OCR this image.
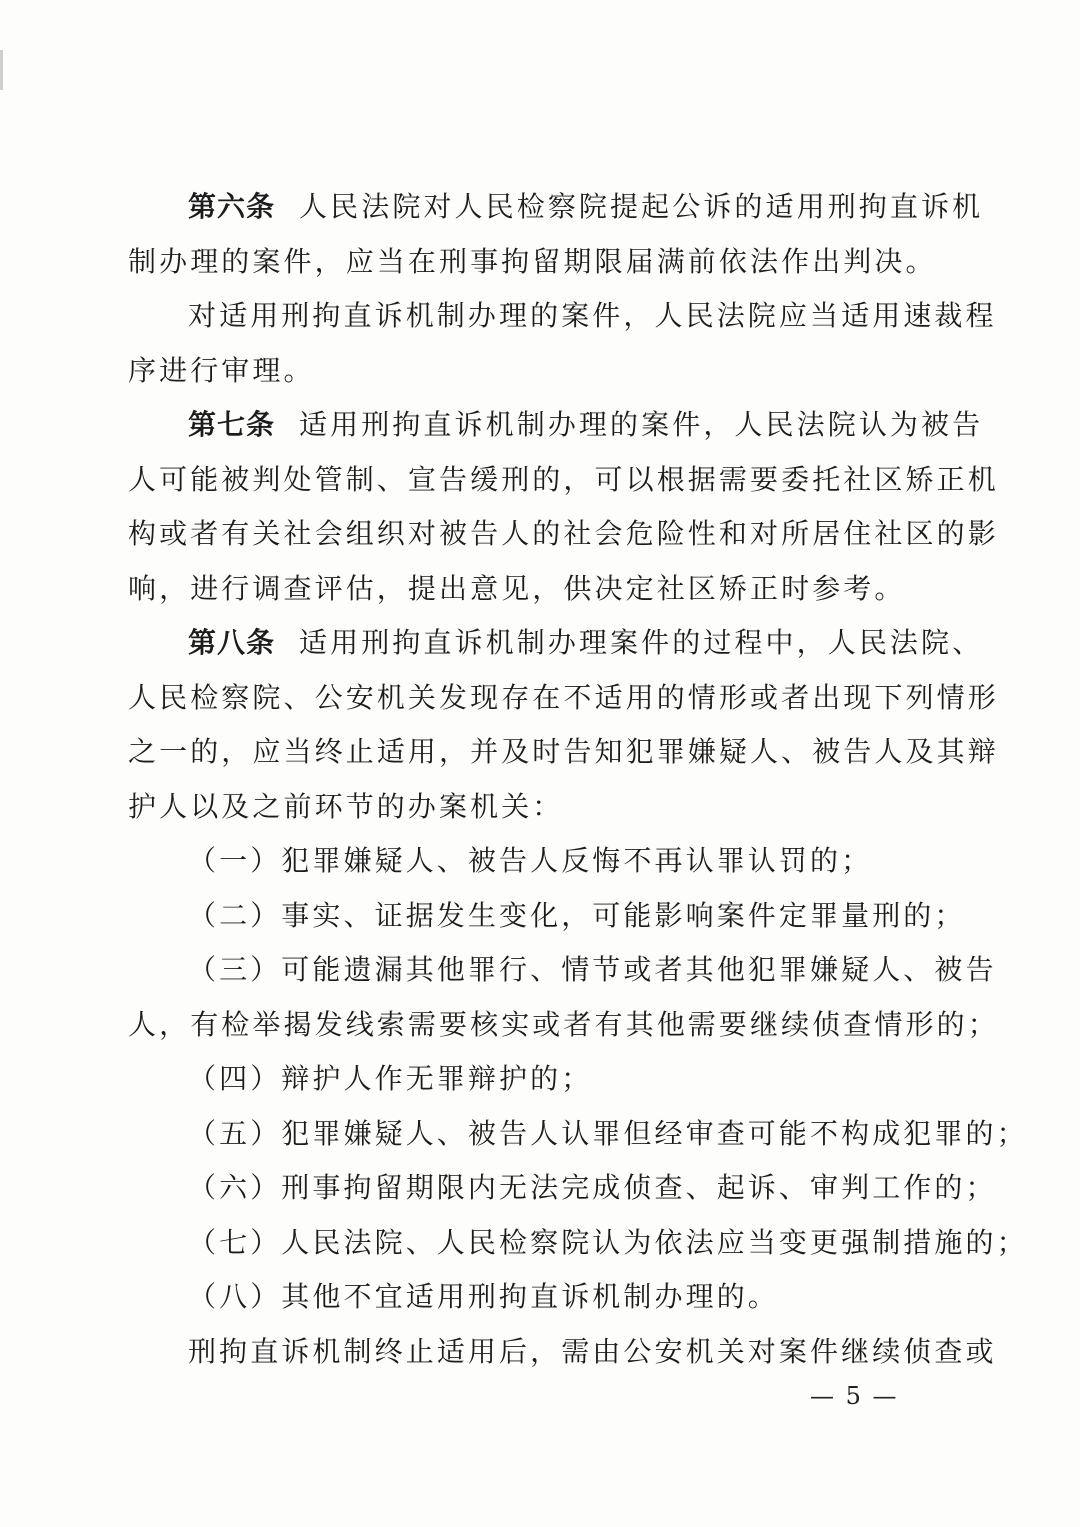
第六条 人民法院对人民检察院提起公诉的适用刑拘直诉机
制办理的案件，应当在刑事拘留期限届满前依法作出判决。
对适用刑拘直诉机制办理的案件，人民法院应当适用速裁程
序进行审理。
第七条 适用刑拘直诉机制办理的案件，人民法院认为被告
人可能被判处管制、宣告缓刑的，可以根据需要委托社区矫正机
构或者有关社会组织对被告人的社会危险性和对所居住社区的影
响，进行调查评估，提出意见，供决定社区矫正时参考。
第八条 适用刑拘直诉机制办理案件的过程中，人民法院、
人民检察院、公安机关发现存在不适用的情形或者出现下列情形
之一的，应当终止适用，并及时告知犯罪嫌疑人、被告人及其辩
护人以及之前环节的办案机关：
（一）犯罪嫌疑人、被告人反悔不再认罪认罚的；
（二）事实、证据发生变化，可能影响案件定罪量刑的；
（三）可能遗漏其他罪行、情节或者其他犯罪嫌疑人、被告
人，有检举揭发线索需要核实或者有其他需要继续侦查情形的；
（四）辩护人作无罪辩护的；
（五）犯罪嫌疑人、被告人认罪但经审查可能不构成犯罪的；
（六）刑事拘留期限内无法完成侦查、起诉、审判工作的；
（七）人民法院、人民检察院认为依法应当变更强制措施的；
（八）其他不宜适用刑拘直诉机制办理的。
刑拘直诉机制终止适用后，需由公安机关对案件继续侦查或
— 5 —
